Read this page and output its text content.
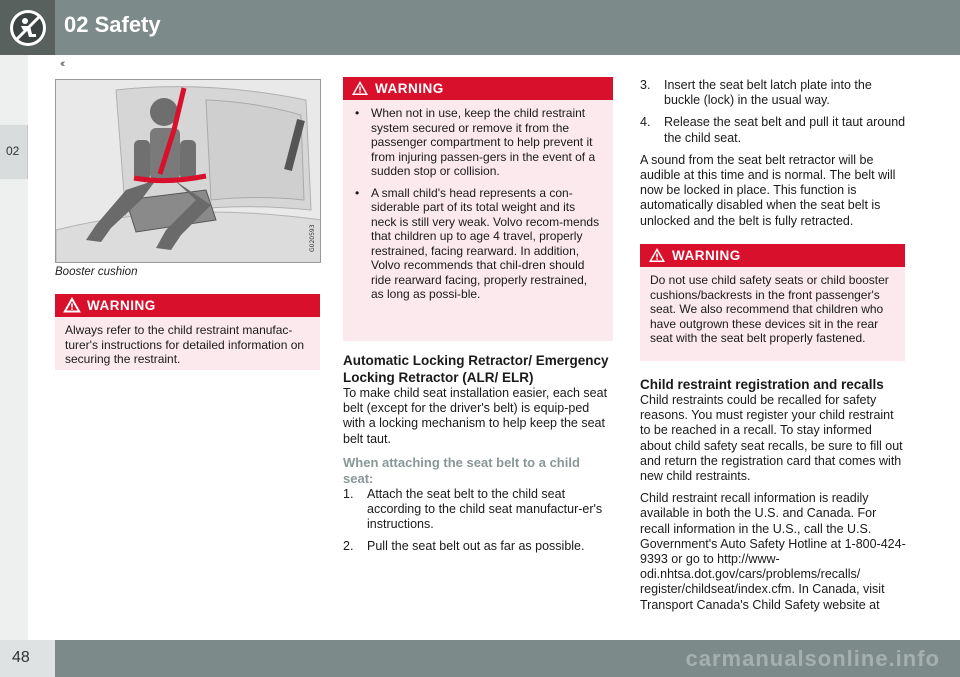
02 Safety
‹‹
02
G020593
Booster cushion
WARNING
Always refer to the child restraint manufac-turer's instructions for detailed information on securing the restraint.
WARNING
• When not in use, keep the child restraint system secured or remove it from the passenger compartment to help prevent it from injuring passen-gers in the event of a sudden stop or collision.
• A small child's head represents a con-siderable part of its total weight and its neck is still very weak. Volvo recom-mends that children up to age 4 travel, properly restrained, facing rearward. In addition, Volvo recommends that chil-dren should ride rearward facing, properly restrained, as long as possi-ble.
Automatic Locking Retractor/ Emergency Locking Retractor (ALR/ ELR)
To make child seat installation easier, each seat belt (except for the driver's belt) is equip-ped with a locking mechanism to help keep the seat belt taut.
When attaching the seat belt to a child seat:
1. Attach the seat belt to the child seat according to the child seat manufactur-er's instructions.
2. Pull the seat belt out as far as possible.
3. Insert the seat belt latch plate into the buckle (lock) in the usual way.
4. Release the seat belt and pull it taut around the child seat.
A sound from the seat belt retractor will be audible at this time and is normal. The belt will now be locked in place. This function is automatically disabled when the seat belt is unlocked and the belt is fully retracted.
WARNING
Do not use child safety seats or child booster cushions/backrests in the front passenger's seat. We also recommend that children who have outgrown these devices sit in the rear seat with the seat belt properly fastened.
Child restraint registration and recalls
Child restraints could be recalled for safety reasons. You must register your child restraint to be reached in a recall. To stay informed about child safety seat recalls, be sure to fill out and return the registration card that comes with new child restraints.
Child restraint recall information is readily available in both the U.S. and Canada. For recall information in the U.S., call the U.S. Government's Auto Safety Hotline at 1-800-424-9393 or go to http://www-odi.nhtsa.dot.gov/cars/problems/recalls/ register/childseat/index.cfm. In Canada, visit Transport Canada's Child Safety website at
48	carmanualsonline.info
